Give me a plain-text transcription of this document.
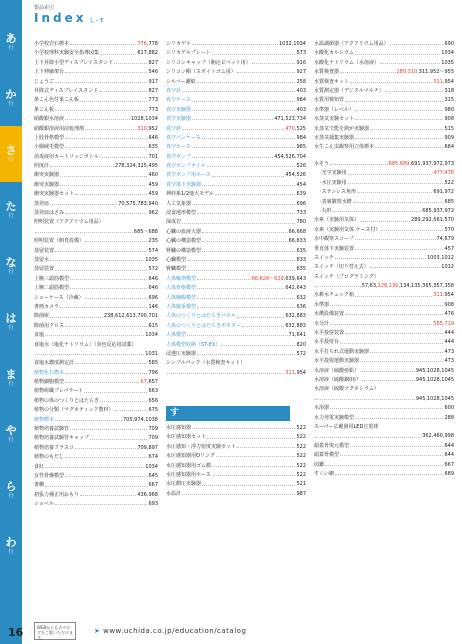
あ
行
か
行
さ
行
た
行
な
行
は
行
ま
行
や
行
ら
行
わ
行
製品索引
Index し–す
小学校岩石標本	776,778
小学校理科実験安全指導図集	617,882
上下昇降小型ディスプレイスタンド	827
上下伸縮架台	546
じょうご	917
昇降式ディスプレイスタンド	827
条こん色付果こん板	773
条こん板	773
硝酸銀水溶液	1028,1034
硝酸銀溶液用前処理剤	310,952
上肢骨格模型	646
小腸絨毛模型	635
消毒液用カートリッジボトル	701
照度計	278,324,325,495
衝突実験器	460
衝突実験器	459
衝突実験器セット	459
蒸発皿	70,575,783,940
蒸発皿はさみ	962
照明装置（アクアリウム用品）
685～688
照明装置（飼育設備）	235
蒸留装置	574
蒸留水	1035
蒸留装置	572
上腕三頭筋模型	646
上腕二頭筋模型	646
ショーケース（冷蔵）	696
書画カメラ	146
除菌庫	238,612,613,700,701
除菌用クロス	615
食塩	1034
食塩水（塩化ナトリウム）（炎色反応用試薬）
1031
食塩水濃度測定計	585
植物化石標本	796
植物細胞模型	67,657
植物組織プレパラート	663
植物の体のつくりとはたらき	656
植物の分類（マグネティック教材）	675
植物標本	705,974,1038
植物培養試験管	709
植物培養試験管キャップ	709
植物培養フラスコ	709,897
植物のもだし	674
食紅	1034
女性骨盤模型	645
書棚	667
初張力補正用おもり	436,968
ショベル	693
シリカゲル	1032,1034
シリカゲルプレート	573
シリコンキャップ（駒込ピペット用）	916
シリコン帽（スポイトゴム用）	927
シルバー濾紙	258
真空計	403
真空ケース	984
真空実験器	403
真空実験器	471,523,734
真空鈴	470,525
真空パンケース	984
真空ホース	985
真空ポンプ	454,526,704
真空ポンプオイル	526
真空ポンプ用ホース	454,526
真空落下実験器	454
神経系1/2他大モデル	639
人工気象器	696
浸食地形模型	733
深成岩	780
心臓の血液大器	66,668
心臓の構造模型	66,633
腎臓の構造模型	635
心臓模型	633
腎臓模型	635
人体解剖模型	66,626～629,639,643
人体骨格模型	642,643
人体胸腹模型	632
人体脳重模型	636
人体のつくりとはたらきパネル	632,883
人体のつくりとはたらきポスター	632,883
人体模型	71,641
人体模型収納（ST-EX）	820
浸透圧実験器	572
シンプルパック（水質検査キット）
311,954
す
水圧感知器	522
水圧感知器セット	522
水圧感知・浮力密度実験セット	522
水圧感知器用Oリング	522
水圧感知器用ゴム膜	522
水圧感知器用ホース	522
水圧側圧実験器	521
水温計	987
水温調節器（アクアリウム用品）	690
水酸化カルシウム	1034
水酸化ナトリウム（水溶液）	1035
水質検査器	280,310,311,952～955
水質検査キット	311,954
水質測定器（デジタルマルチ）	318
水質用検知管	315
水準器（レベル）	980
水蒸気実験セット	908
水蒸気で能を熱が実験器	515
水蒸気捕集実験器	909
水生こん虫観察用立体標本	684
水そう	685,689,691,937,972,973
·光学実験用	477,478
·水圧実験用	522
·ステンレス角形	691,972
·表裏観察水槽	685
·丸形	685,937,972
水素（実験用気体）	289,292,561,570
水素（実験用気体 ケース付）	570
水中観察スコープ	74,679
垂直落下実験装置	457
スイッチ	1003,1012
スイッチ（切り替え式）	1012
スイッチ（プログラミング）
57,63,128,130,134,135,365,357,358
水耕水チェック箱	311,954
水準器	908
水槽設備装置	476
水分計	585,719
水平投射装置	444
水平投射台	444
水平打ちれ式運動実験器	473
水平投射運動実験器	473
水溶液（硫酸亜鉛）	945,1028,1045
水溶液（硫酸銅(II)）	945,1028,1045
水溶液（硫酸マグネシウム）
945,1028,1045
水浴器	600
水力発電実験模型	288
スーパー広範囲用LED豆電球
362,460,998
頭蓋骨復元模型	644
頭蓋骨模型	644
図鑑	667
すくい網	689
16	WEBからもカタログをご覧いただけます。
➤ www.uchida.co.jp/education/catalog
